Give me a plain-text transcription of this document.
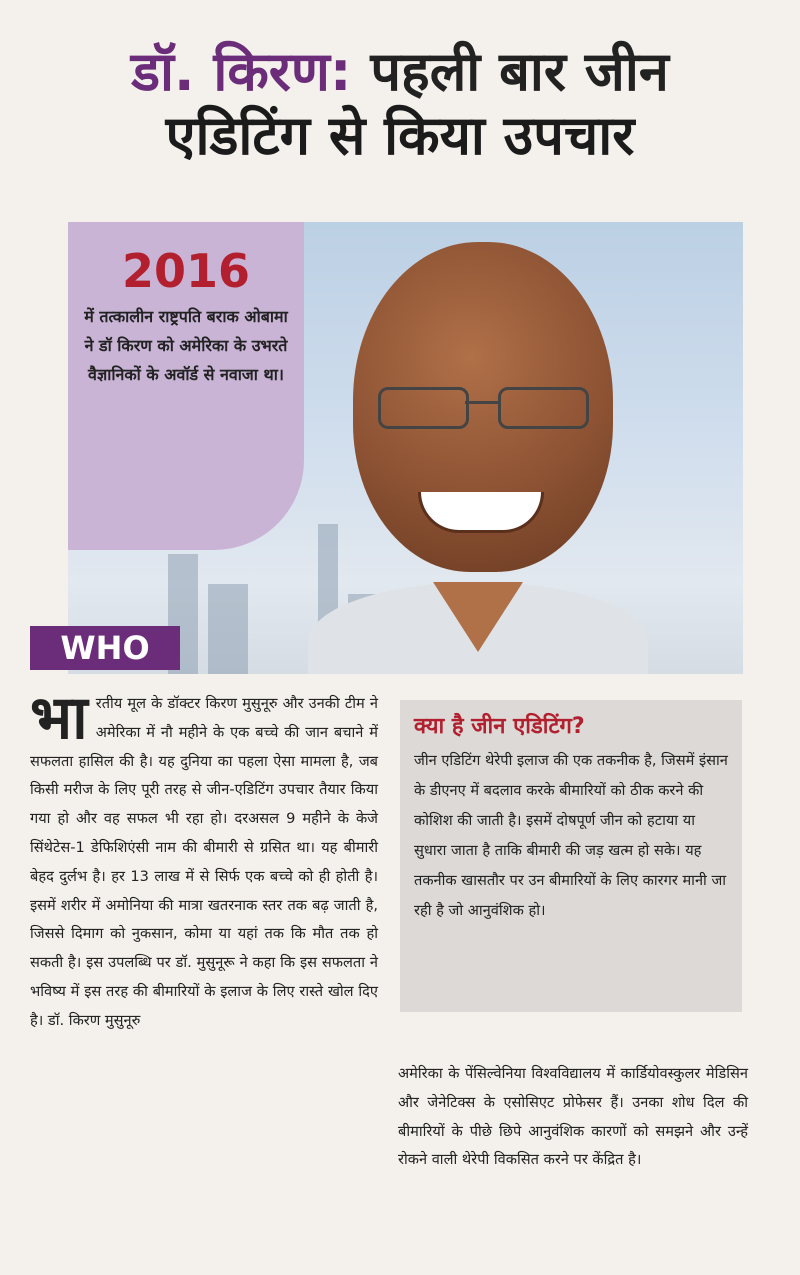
डॉ. किरण: पहली बार जीन
एडिटिंग से किया उपचार
2016
में तत्कालीन राष्ट्रपति बराक ओबामा ने डॉ किरण को अमेरिका के उभरते वैज्ञानिकों के अवॉर्ड से नवाजा था।
WHO
भा रतीय मूल के डॉक्टर किरण मुसुनूरु और उनकी टीम ने अमेरिका में नौ महीने के एक बच्चे की जान बचाने में सफलता हासिल की है। यह दुनिया का पहला ऐसा मामला है, जब किसी मरीज के लिए पूरी तरह से जीन-एडिटिंग उपचार तैयार किया गया हो और वह सफल भी रहा हो। दरअसल 9 महीने के केजे सिंथेटेस-1 डेफिशिएंसी नाम की बीमारी से ग्रसित था। यह बीमारी बेहद दुर्लभ है। हर 13 लाख में से सिर्फ एक बच्चे को ही होती है। इसमें शरीर में अमोनिया की मात्रा खतरनाक स्तर तक बढ़ जाती है, जिससे दिमाग को नुकसान, कोमा या यहां तक कि मौत तक हो सकती है। इस उपलब्धि पर डॉ. मुसुनूरू ने कहा कि इस सफलता ने भविष्य में इस तरह की बीमारियों के इलाज के लिए रास्ते खोल दिए है। डॉ. किरण मुसुनूरु
क्या है जीन एडिटिंग?
जीन एडिटिंग थेरेपी इलाज की एक तकनीक है, जिसमें इंसान के डीएनए में बदलाव करके बीमारियों को ठीक करने की कोशिश की जाती है। इसमें दोषपूर्ण जीन को हटाया या सुधारा जाता है ताकि बीमारी की जड़ खत्म हो सके। यह तकनीक खासतौर पर उन बीमारियों के लिए कारगर मानी जा रही है जो आनुवंशिक हो।
अमेरिका के पेंसिल्वेनिया विश्वविद्यालय में कार्डियोवस्कुलर मेडिसिन और जेनेटिक्स के एसोसिएट प्रोफेसर हैं। उनका शोध दिल की बीमारियों के पीछे छिपे आनुवंशिक कारणों को समझने और उन्हें रोकने वाली थेरेपी विकसित करने पर केंद्रित है।
